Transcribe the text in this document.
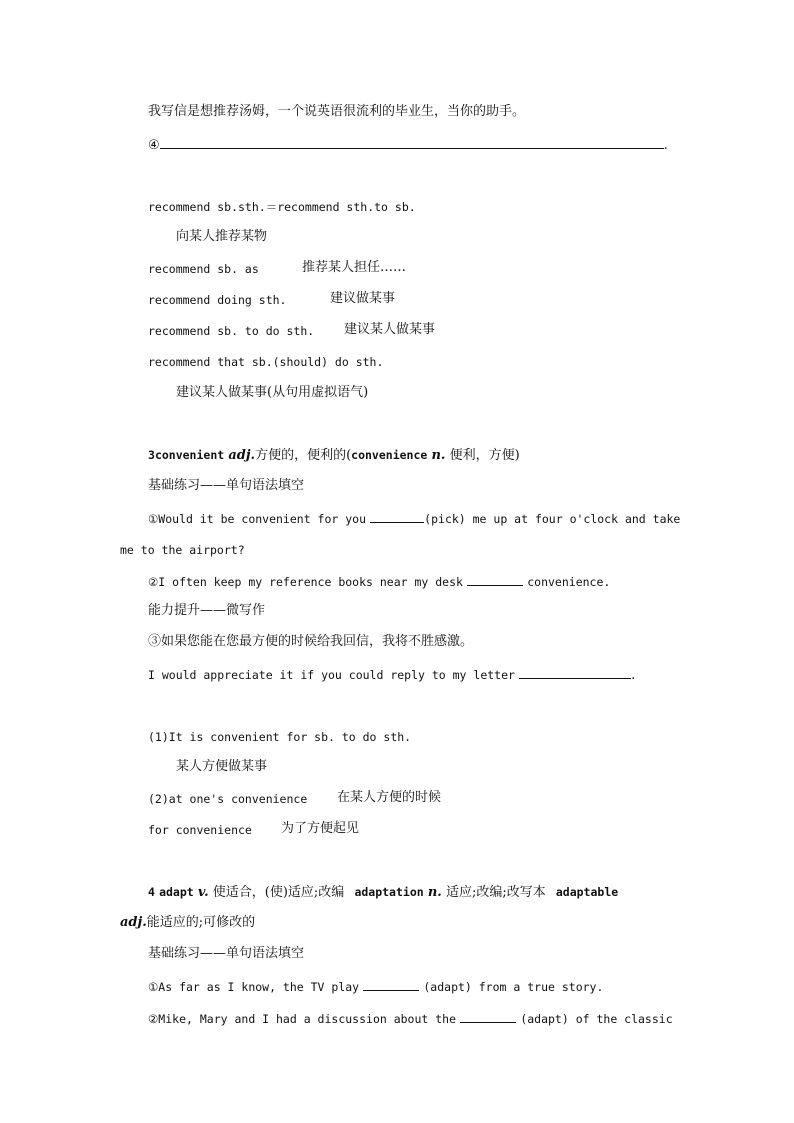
我写信是想推荐汤姆，一个说英语很流利的毕业生，当你的助手。
④	.
recommend sb.sth.＝recommend sth.to sb.
向某人推荐某物
recommend sb. as	推荐某人担任……
recommend doing sth.	建议做某事
recommend sb. to do sth. 建议某人做某事
recommend that sb.(should) do sth.
建议某人做某事(从句用虚拟语气)
3convenient adj.方便的，便利的(convenience n. 便利，方便)
基础练习——单句语法填空
①Would it be convenient for you	(pick) me up at four o'clock and take
me to the airport?
②I often keep my reference books near my desk	convenience.
能力提升——微写作
③如果您能在您最方便的时候给我回信，我将不胜感激。
I would appreciate it if you could reply to my letter	.
(1)It is convenient for sb. to do sth.
某人方便做某事
(2)at one's convenience 在某人方便的时候
for convenience 为了方便起见
4 adapt v. 使适合，(使)适应;改编 adaptation n. 适应;改编;改写本 adaptable
adj.能适应的;可修改的
基础练习——单句语法填空
①As far as I know, the TV play	(adapt) from a true story.
②Mike, Mary and I had a discussion about the	(adapt) of the classic
